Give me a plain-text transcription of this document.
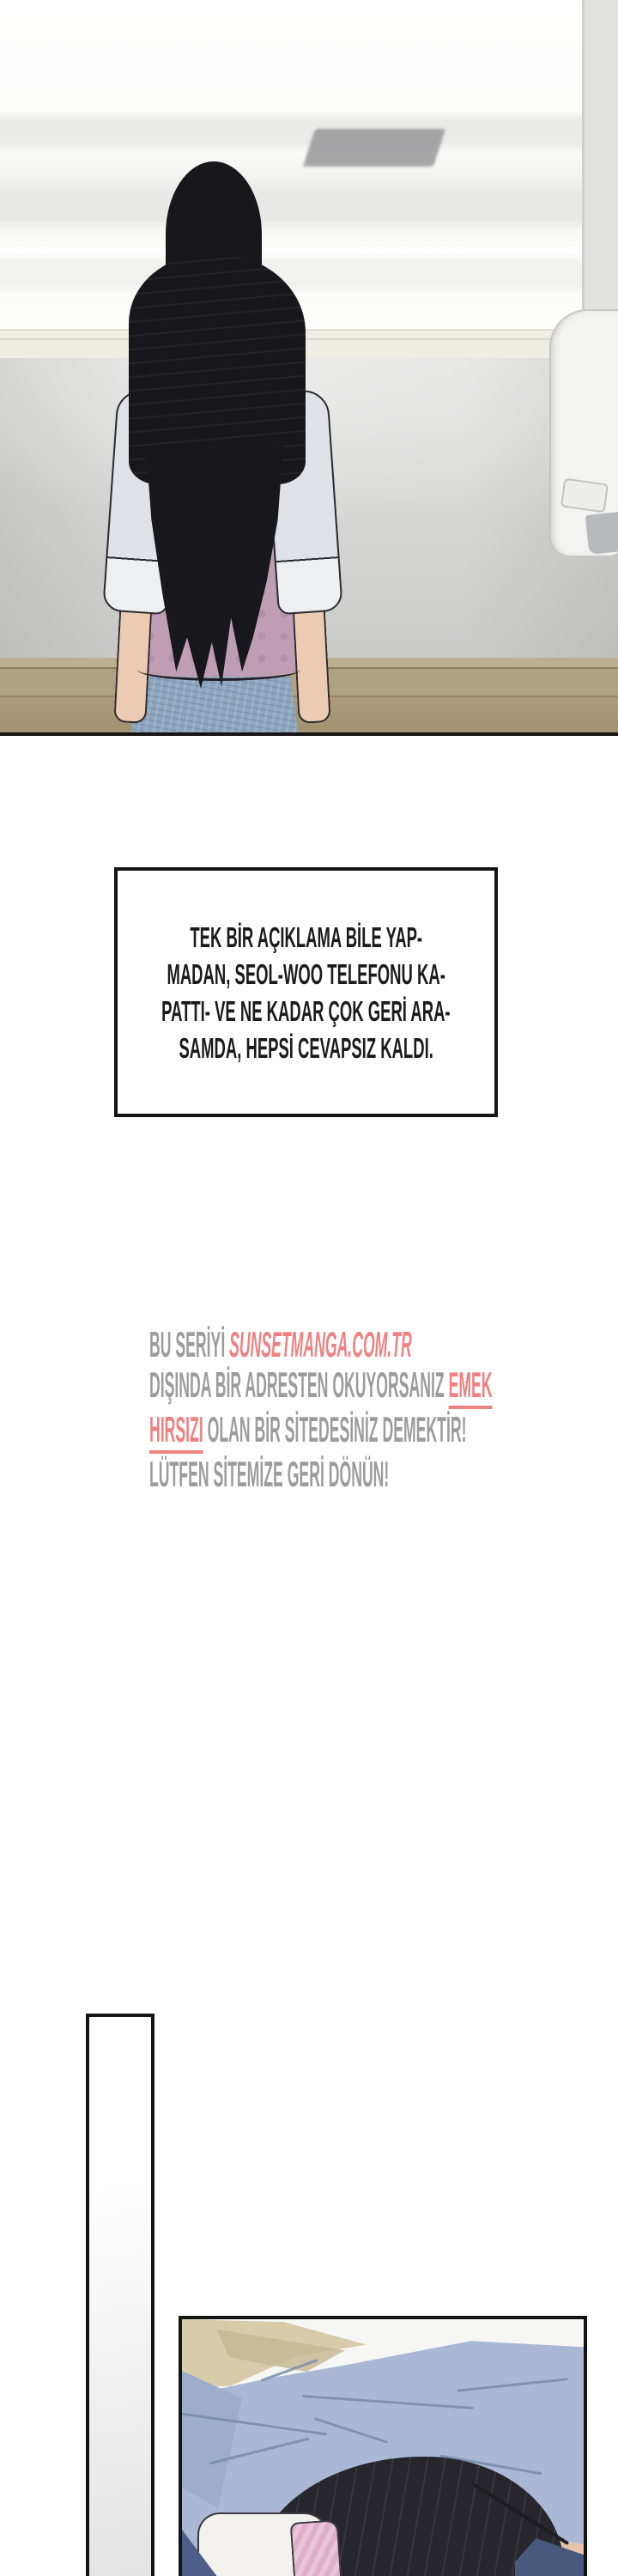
TEK BİR AÇIKLAMA BİLE YAP-
MADAN, SEOL-WOO TELEFONU KA-
PATTI- VE NE KADAR ÇOK GERİ ARA-
SAMDA, HEPSİ CEVAPSIZ KALDI.
BU SERİYİ SUNSETMANGA.COM.TR
DIŞINDA BİR ADRESTEN OKUYORSANIZ EMEK
HIRSIZI OLAN BİR SİTEDESİNİZ DEMEKTİR!
LÜTFEN SİTEMİZE GERİ DÖNÜN!
